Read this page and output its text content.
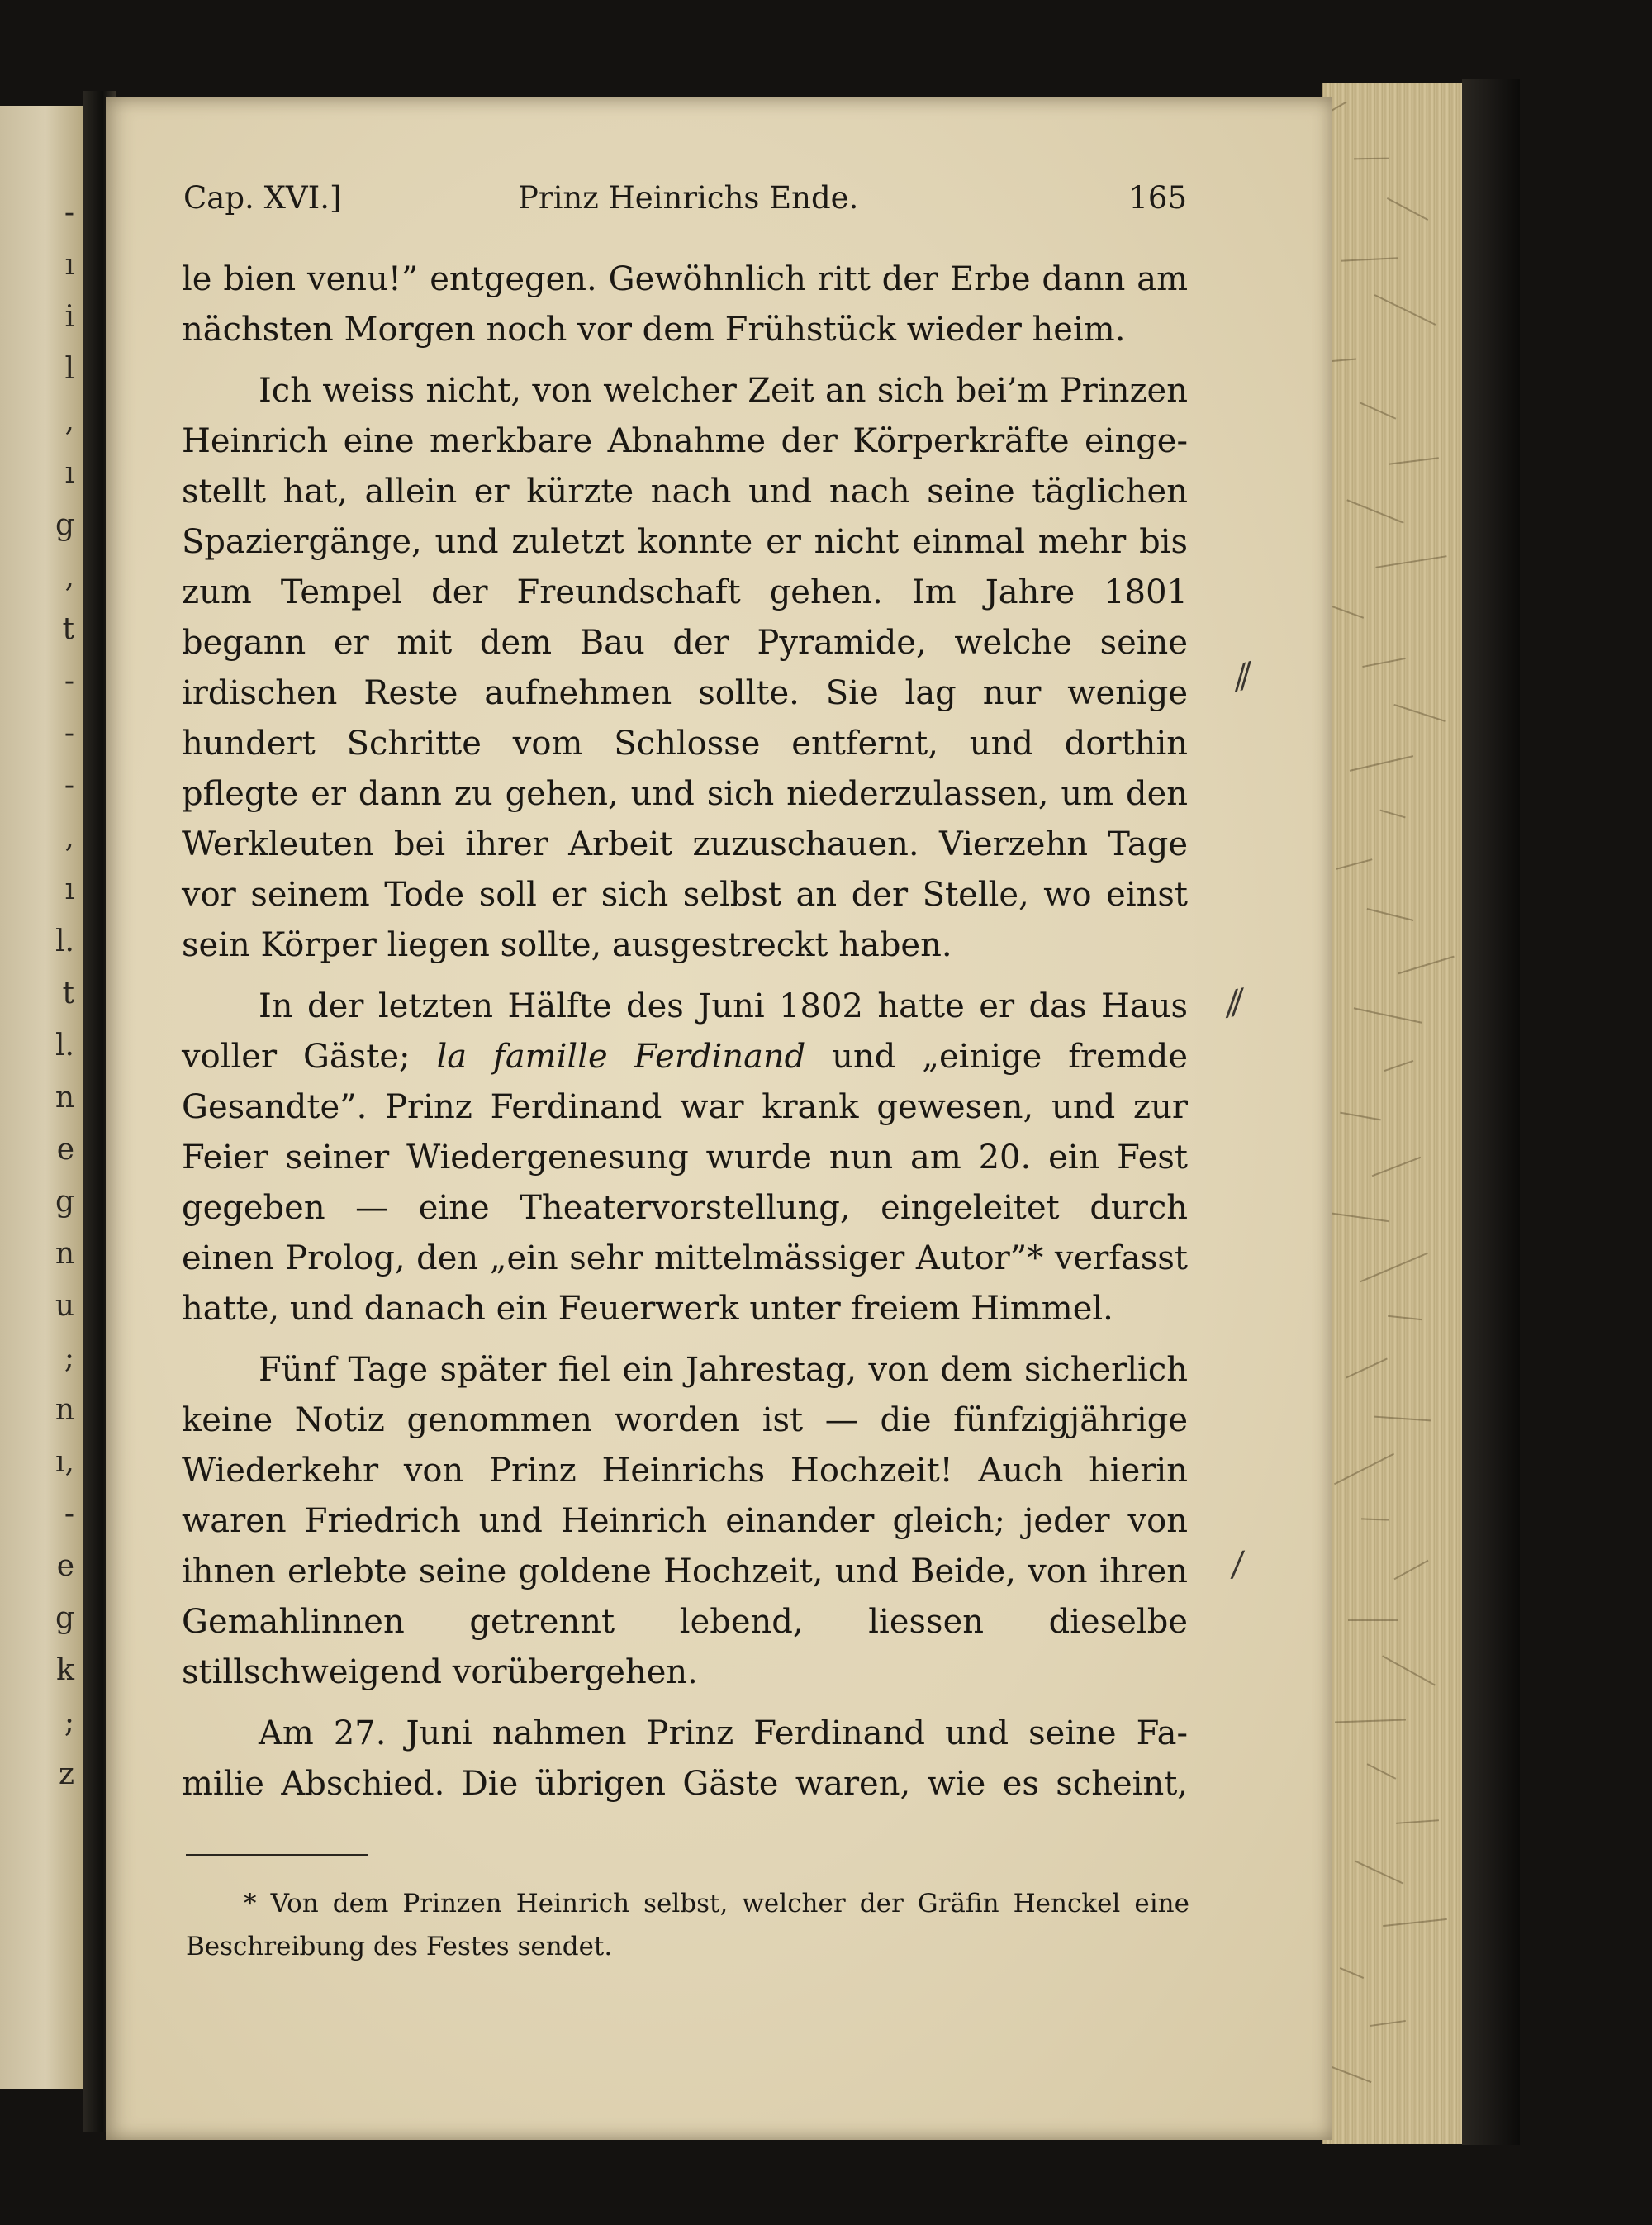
-
ı
i
l
,
ı
g
,
t
-
-
-
,
ı
l.
t
l.
n
e
g
n
u
;
n
ı,
-
e
g
k
;
z
Cap. XVI.]	Prinz Heinrichs Ende.	165

le bien venu!” entgegen. Gewöhnlich ritt der Erbe dann am nächsten Morgen noch vor dem Frühstück wieder heim.

Ich weiss nicht, von welcher Zeit an sich bei’m Prinzen Heinrich eine merkbare Abnahme der Körperkräfte einge-stellt hat, allein er kürzte nach und nach seine täglichen Spaziergänge, und zuletzt konnte er nicht einmal mehr bis zum Tempel der Freundschaft gehen. Im Jahre 1801 begann er mit dem Bau der Pyramide, welche seine irdischen Reste aufnehmen sollte. Sie lag nur wenige hundert Schritte vom Schlosse entfernt, und dorthin pflegte er dann zu gehen, und sich niederzulassen, um den Werkleuten bei ihrer Arbeit zuzuschauen. Vierzehn Tage vor seinem Tode soll er sich selbst an der Stelle, wo einst sein Körper liegen sollte, ausgestreckt haben.

In der letzten Hälfte des Juni 1802 hatte er das Haus voller Gäste; la famille Ferdinand und „einige fremde Gesandte”. Prinz Ferdinand war krank gewesen, und zur Feier seiner Wiedergenesung wurde nun am 20. ein Fest gegeben — eine Theatervorstellung, eingeleitet durch einen Prolog, den „ein sehr mittelmässiger Autor”* verfasst hatte, und danach ein Feuerwerk unter freiem Himmel.

Fünf Tage später fiel ein Jahrestag, von dem sicherlich keine Notiz genommen worden ist — die fünfzigjährige Wiederkehr von Prinz Heinrichs Hochzeit! Auch hierin waren Friedrich und Heinrich einander gleich; jeder von ihnen erlebte seine goldene Hochzeit, und Beide, von ihren Gemahlinnen getrennt lebend, liessen dieselbe stillschweigend vorübergehen.

Am 27. Juni nahmen Prinz Ferdinand und seine Fa-milie Abschied. Die übrigen Gäste waren, wie es scheint,

* Von dem Prinzen Heinrich selbst, welcher der Gräfin Henckel eine Beschreibung des Festes sendet.
⁄⁄
⁄⁄
⁄
